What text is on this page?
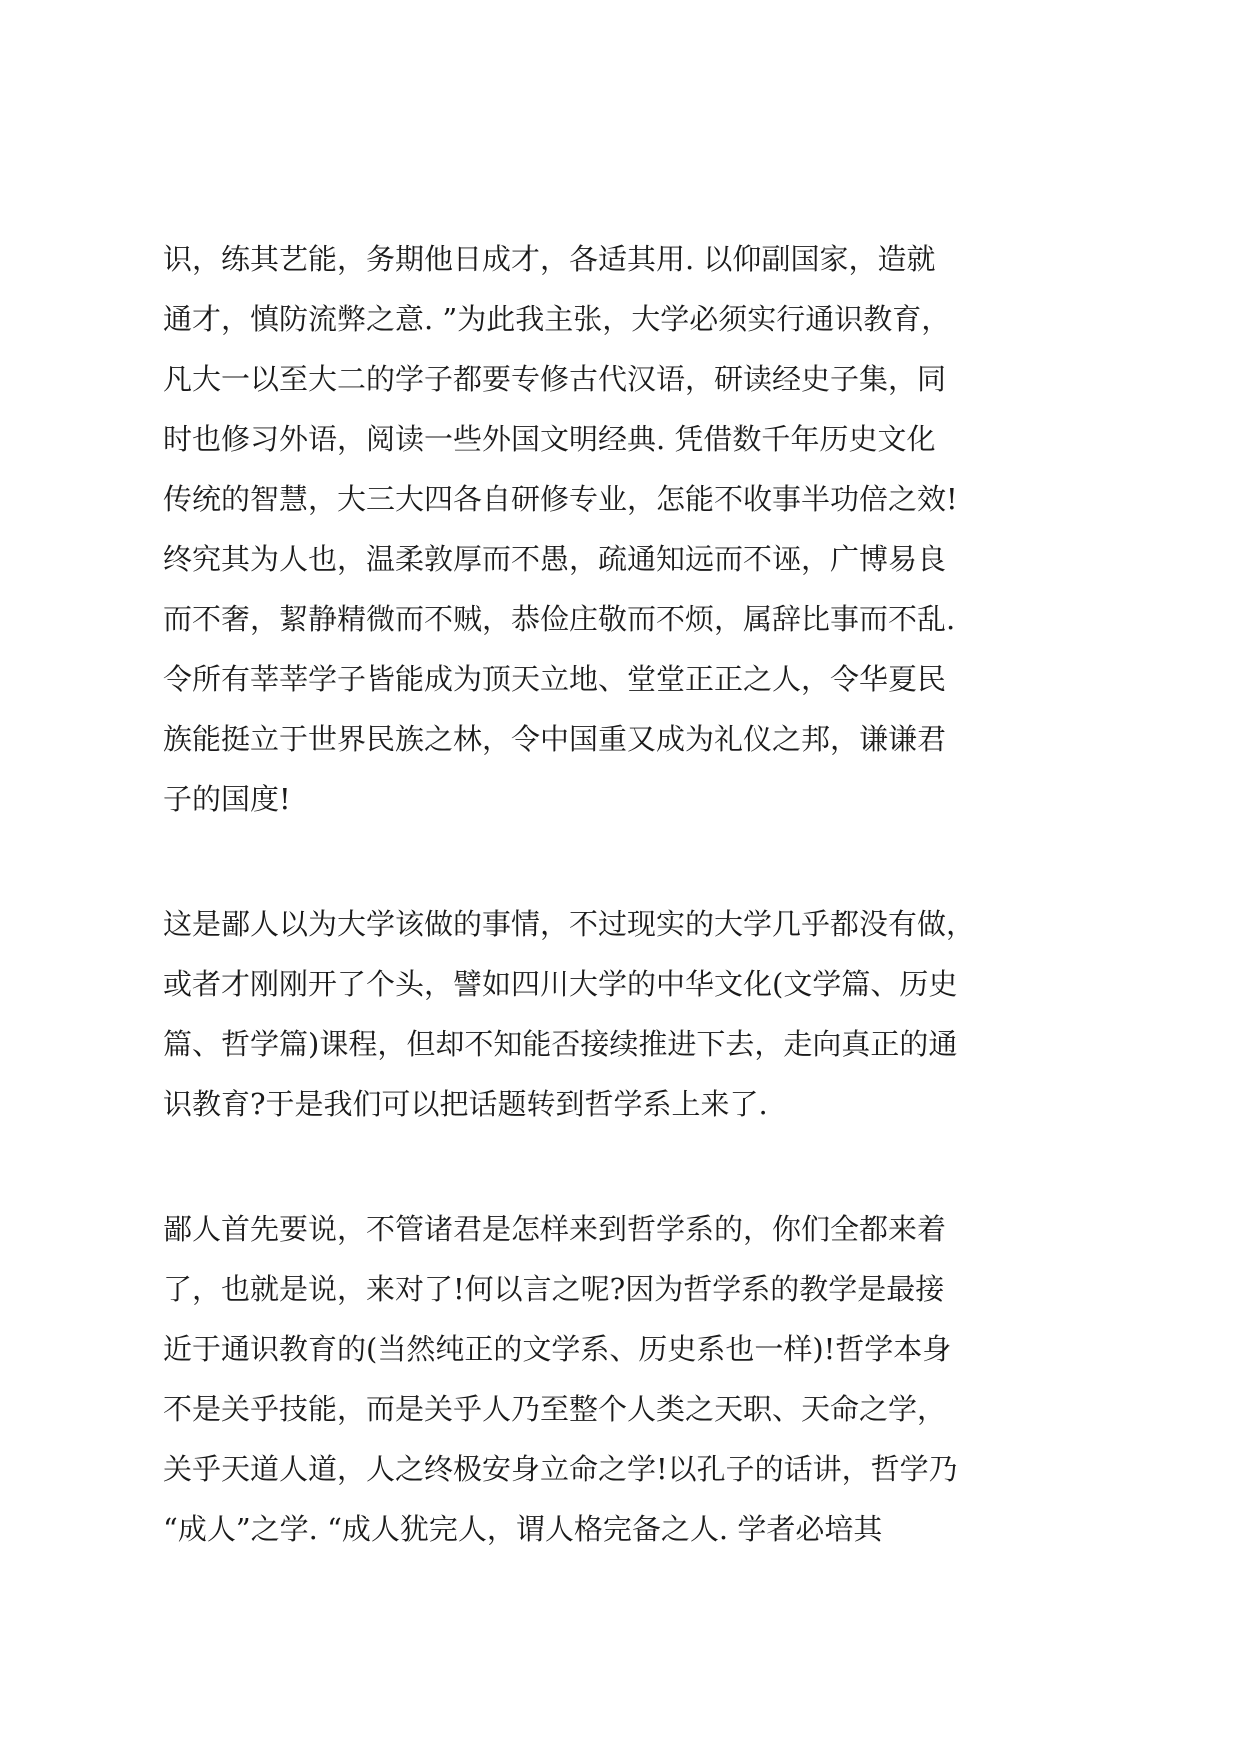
识，练其艺能，务期他日成才，各适其用. 以仰副国家，造就
通才，慎防流弊之意. ”为此我主张，大学必须实行通识教育，
凡大一以至大二的学子都要专修古代汉语，研读经史子集，同
时也修习外语，阅读一些外国文明经典. 凭借数千年历史文化
传统的智慧，大三大四各自研修专业，怎能不收事半功倍之效!
终究其为人也，温柔敦厚而不愚，疏通知远而不诬，广博易良
而不奢，絜静精微而不贼，恭俭庄敬而不烦，属辞比事而不乱.
令所有莘莘学子皆能成为顶天立地、堂堂正正之人，令华夏民
族能挺立于世界民族之林，令中国重又成为礼仪之邦，谦谦君
子的国度!
这是鄙人以为大学该做的事情，不过现实的大学几乎都没有做，
或者才刚刚开了个头，譬如四川大学的中华文化(文学篇、历史
篇、哲学篇)课程，但却不知能否接续推进下去，走向真正的通
识教育?于是我们可以把话题转到哲学系上来了.
鄙人首先要说，不管诸君是怎样来到哲学系的，你们全都来着
了，也就是说，来对了!何以言之呢?因为哲学系的教学是最接
近于通识教育的(当然纯正的文学系、历史系也一样)!哲学本身
不是关乎技能，而是关乎人乃至整个人类之天职、天命之学，
关乎天道人道，人之终极安身立命之学!以孔子的话讲，哲学乃
“成人”之学. “成人犹完人，谓人格完备之人. 学者必培其
